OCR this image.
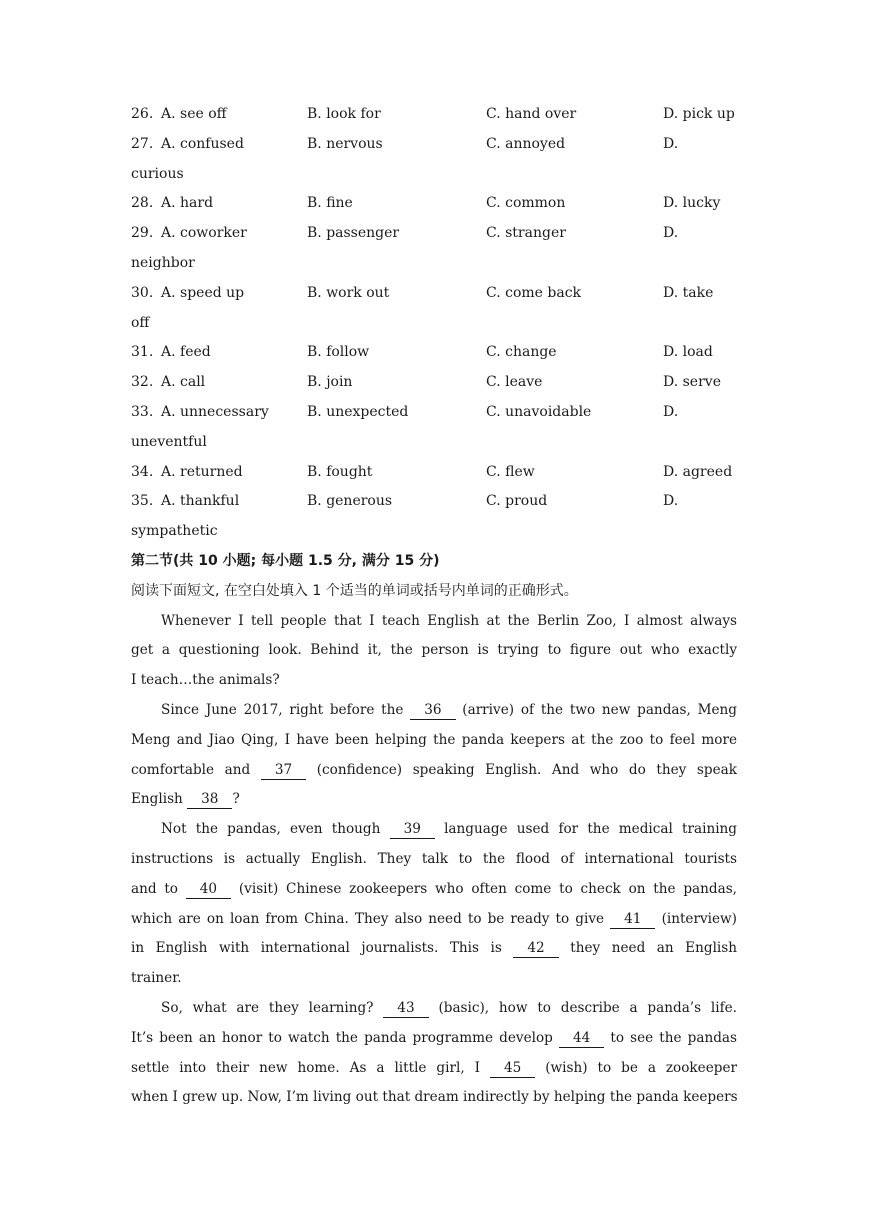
26. A. see off	B. look for	C. hand over	D. pick up
27. A. confused	B. nervous	C. annoyed	D.
curious
28. A. hard	B. fine	C. common	D. lucky
29. A. coworker	B. passenger	C. stranger	D.
neighbor
30. A. speed up	B. work out	C. come back	D. take
off
31. A. feed	B. follow	C. change	D. load
32. A. call	B. join	C. leave	D. serve
33. A. unnecessary	B. unexpected	C. unavoidable	D.
uneventful
34. A. returned	B. fought	C. flew	D. agreed
35. A. thankful	B. generous	C. proud	D.
sympathetic
第二节(共 10 小题; 每小题 1.5 分, 满分 15 分)
阅读下面短文, 在空白处填入 1 个适当的单词或括号内单词的正确形式。
Whenever I tell people that I teach English at the Berlin Zoo, I almost always
get a questioning look. Behind it, the person is trying to figure out who exactly
I teach…the animals?
Since June 2017, right before the 36 (arrive) of the two new pandas, Meng
Meng and Jiao Qing, I have been helping the panda keepers at the zoo to feel more
comfortable and 37 (confidence) speaking English. And who do they speak
English 38 ?
Not the pandas, even though 39 language used for the medical training
instructions is actually English. They talk to the flood of international tourists
and to 40 (visit) Chinese zookeepers who often come to check on the pandas,
which are on loan from China. They also need to be ready to give 41 (interview)
in English with international journalists. This is 42 they need an English
trainer.
So, what are they learning? 43 (basic), how to describe a panda’s life.
It’s been an honor to watch the panda programme develop 44 to see the pandas
settle into their new home. As a little girl, I 45 (wish) to be a zookeeper
when I grew up. Now, I’m living out that dream indirectly by helping the panda keepers
